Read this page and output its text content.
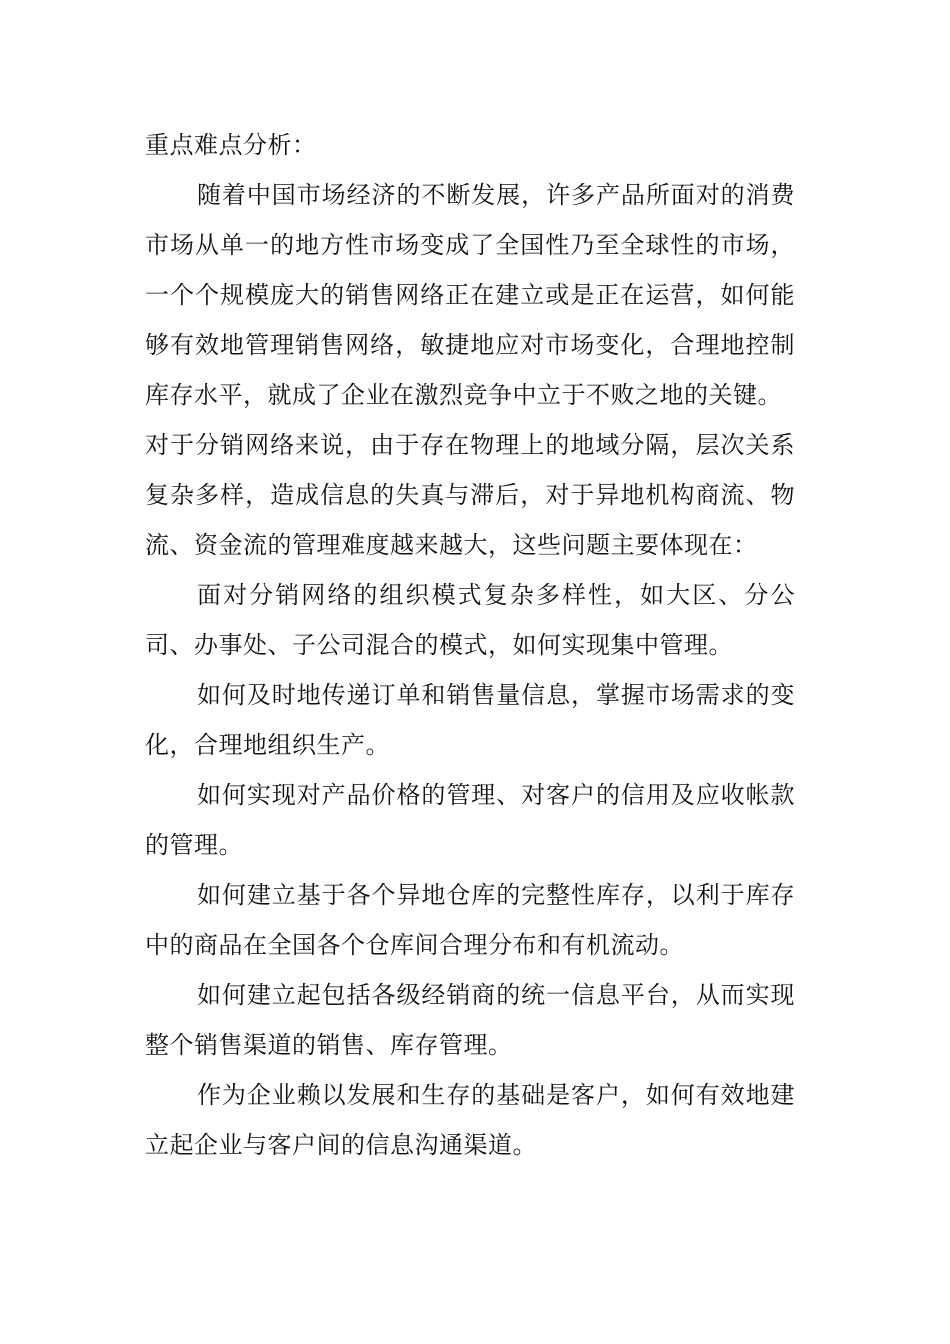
重点难点分析：

随着中国市场经济的不断发展，许多产品所面对的消费市场从单一的地方性市场变成了全国性乃至全球性的市场，一个个规模庞大的销售网络正在建立或是正在运营，如何能够有效地管理销售网络，敏捷地应对市场变化，合理地控制库存水平，就成了企业在激烈竞争中立于不败之地的关键。

对于分销网络来说，由于存在物理上的地域分隔，层次关系复杂多样，造成信息的失真与滞后，对于异地机构商流、物流、资金流的管理难度越来越大，这些问题主要体现在：

面对分销网络的组织模式复杂多样性，如大区、分公司、办事处、子公司混合的模式，如何实现集中管理。

如何及时地传递订单和销售量信息，掌握市场需求的变化，合理地组织生产。

如何实现对产品价格的管理、对客户的信用及应收帐款的管理。

如何建立基于各个异地仓库的完整性库存，以利于库存中的商品在全国各个仓库间合理分布和有机流动。

如何建立起包括各级经销商的统一信息平台，从而实现整个销售渠道的销售、库存管理。

作为企业赖以发展和生存的基础是客户，如何有效地建立起企业与客户间的信息沟通渠道。
